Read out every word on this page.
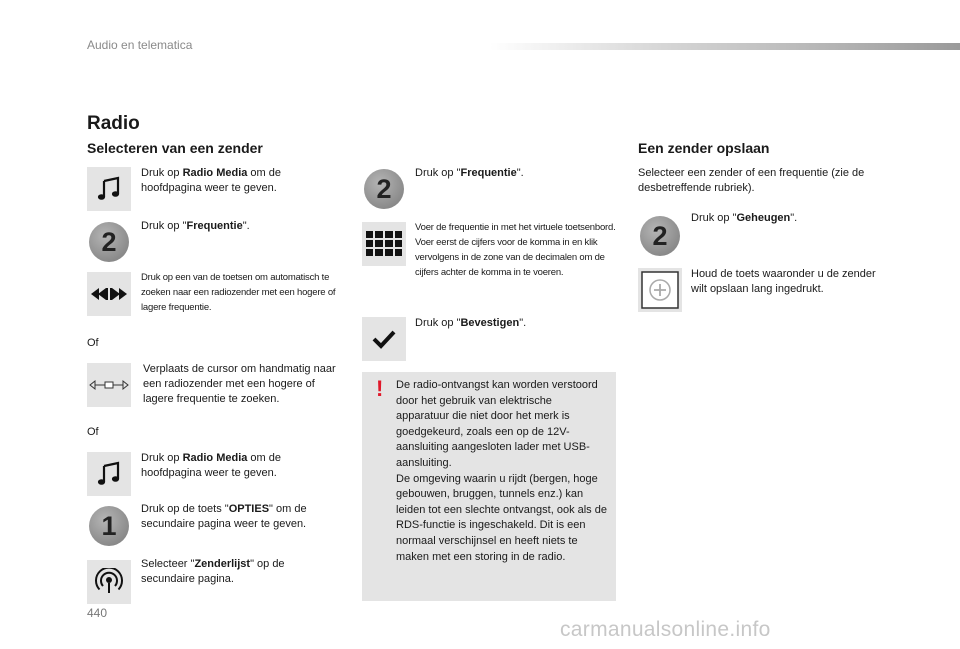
Audio en telematica
Radio
Selecteren van een zender
Druk op Radio Media om de hoofdpagina weer te geven.
2
Druk op "Frequentie".
Druk op een van de toetsen om automatisch te zoeken naar een radiozender met een hogere of lagere frequentie.
Of
Verplaats de cursor om handmatig naar een radiozender met een hogere of lagere frequentie te zoeken.
Of
Druk op Radio Media om de hoofdpagina weer te geven.
1
Druk op de toets "OPTIES" om de secundaire pagina weer te geven.
Selecteer "Zenderlijst" op de secundaire pagina.
2
Druk op "Frequentie".
Voer de frequentie in met het virtuele toetsenbord. Voer eerst de cijfers voor de komma in en klik vervolgens in de zone van de decimalen om de cijfers achter de komma in te voeren.
Druk op "Bevestigen".
! De radio-ontvangst kan worden verstoord door het gebruik van elektrische apparatuur die niet door het merk is goedgekeurd, zoals een op de 12V-aansluiting aangesloten lader met USB-aansluiting.
De omgeving waarin u rijdt (bergen, hoge gebouwen, bruggen, tunnels enz.) kan leiden tot een slechte ontvangst, ook als de RDS-functie is ingeschakeld. Dit is een normaal verschijnsel en heeft niets te maken met een storing in de radio.
Een zender opslaan
Selecteer een zender of een frequentie (zie de desbetreffende rubriek).
2
Druk op "Geheugen".
Houd de toets waaronder u de zender wilt opslaan lang ingedrukt.
440
carmanualsonline.info
